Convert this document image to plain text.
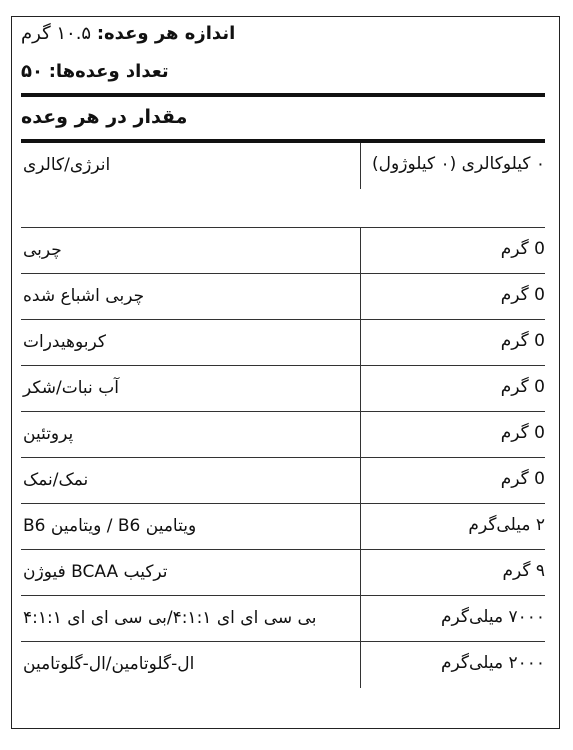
اندازه هر وعده: ۱۰.۵ گرم
تعداد وعده‌ها: ۵۰
مقدار در هر وعده
انرژی/کالری	۰ کیلوکالری (۰ کیلوژول)
چربی	0 گرم
چربی اشباع شده	0 گرم
کربوهیدرات	0 گرم
آب نبات/شکر	0 گرم
پروتئین	0 گرم
نمک/نمک	0 گرم
ویتامین B6 / ویتامین B6	۲ میلی‌گرم
ترکیب BCAA فیوژن	۹ گرم
بی سی ای ای ۴:۱:۱/بی سی ای ای ۴:۱:۱	۷۰۰۰ میلی‌گرم
ال-گلوتامین/ال-گلوتامین	۲۰۰۰ میلی‌گرم
